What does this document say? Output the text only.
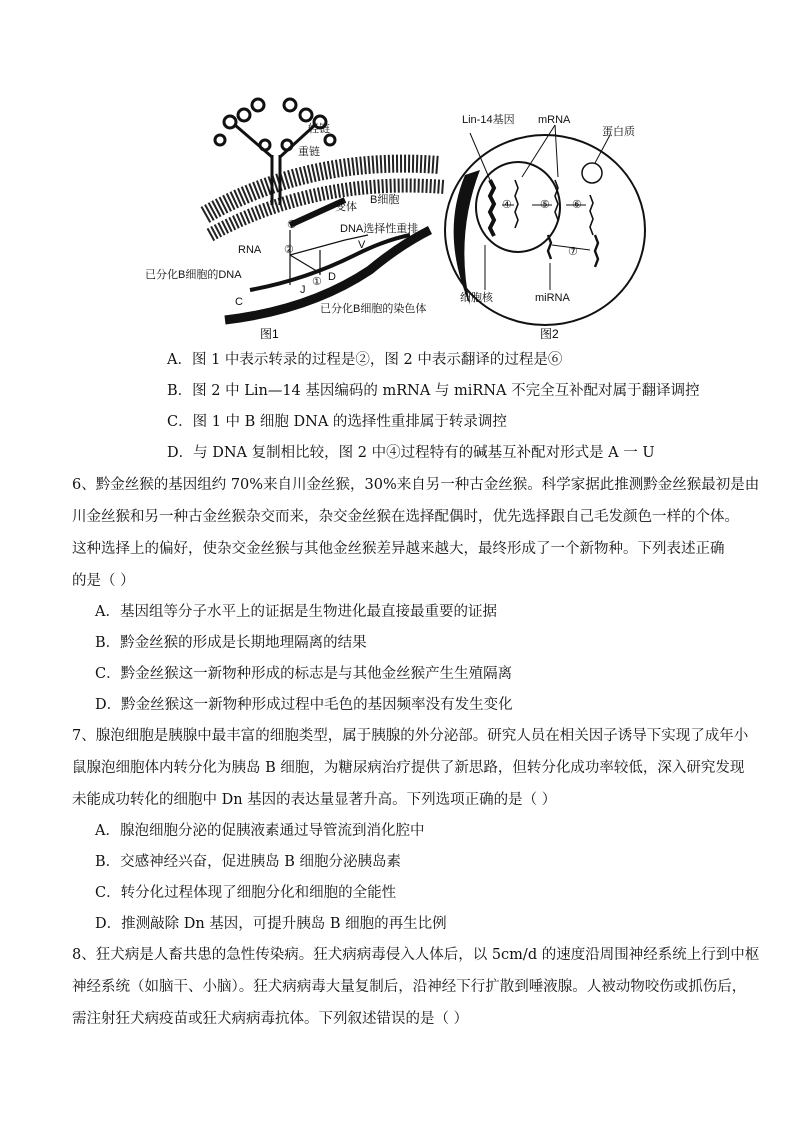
轻链
重链
B细胞
变体
DNA选择性重排
RNA
已分化B细胞的DNA
已分化B细胞的染色体
C
J
D
V
①
②
③
图1
Lin-14基因 mRNA
蛋白质
细胞核	miRNA
④	⑤ ⑥
⑦
图2
A．图 1 中表示转录的过程是②，图 2 中表示翻译的过程是⑥
B．图 2 中 Lin—14 基因编码的 mRNA 与 miRNA 不完全互补配对属于翻译调控
C．图 1 中 B 细胞 DNA 的选择性重排属于转录调控
D．与 DNA 复制相比较，图 2 中④过程特有的碱基互补配对形式是 A 一 U
6、黔金丝猴的基因组约 70%来自川金丝猴，30%来自另一种古金丝猴。科学家据此推测黔金丝猴最初是由
川金丝猴和另一种古金丝猴杂交而来，杂交金丝猴在选择配偶时，优先选择跟自己毛发颜色一样的个体。
这种选择上的偏好，使杂交金丝猴与其他金丝猴差异越来越大，最终形成了一个新物种。下列表述正确
的是（ ）
A．基因组等分子水平上的证据是生物进化最直接最重要的证据
B．黔金丝猴的形成是长期地理隔离的结果
C．黔金丝猴这一新物种形成的标志是与其他金丝猴产生生殖隔离
D．黔金丝猴这一新物种形成过程中毛色的基因频率没有发生变化
7、腺泡细胞是胰腺中最丰富的细胞类型，属于胰腺的外分泌部。研究人员在相关因子诱导下实现了成年小
鼠腺泡细胞体内转分化为胰岛 B 细胞，为糖尿病治疗提供了新思路，但转分化成功率较低，深入研究发现
未能成功转化的细胞中 Dn 基因的表达量显著升高。下列选项正确的是（ ）
A．腺泡细胞分泌的促胰液素通过导管流到消化腔中
B．交感神经兴奋，促进胰岛 B 细胞分泌胰岛素
C．转分化过程体现了细胞分化和细胞的全能性
D．推测敲除 Dn 基因，可提升胰岛 B 细胞的再生比例
8、狂犬病是人畜共患的急性传染病。狂犬病病毒侵入人体后，以 5cm/d 的速度沿周围神经系统上行到中枢
神经系统（如脑干、小脑）。狂犬病病毒大量复制后，沿神经下行扩散到唾液腺。人被动物咬伤或抓伤后，
需注射狂犬病疫苗或狂犬病病毒抗体。下列叙述错误的是（ ）
